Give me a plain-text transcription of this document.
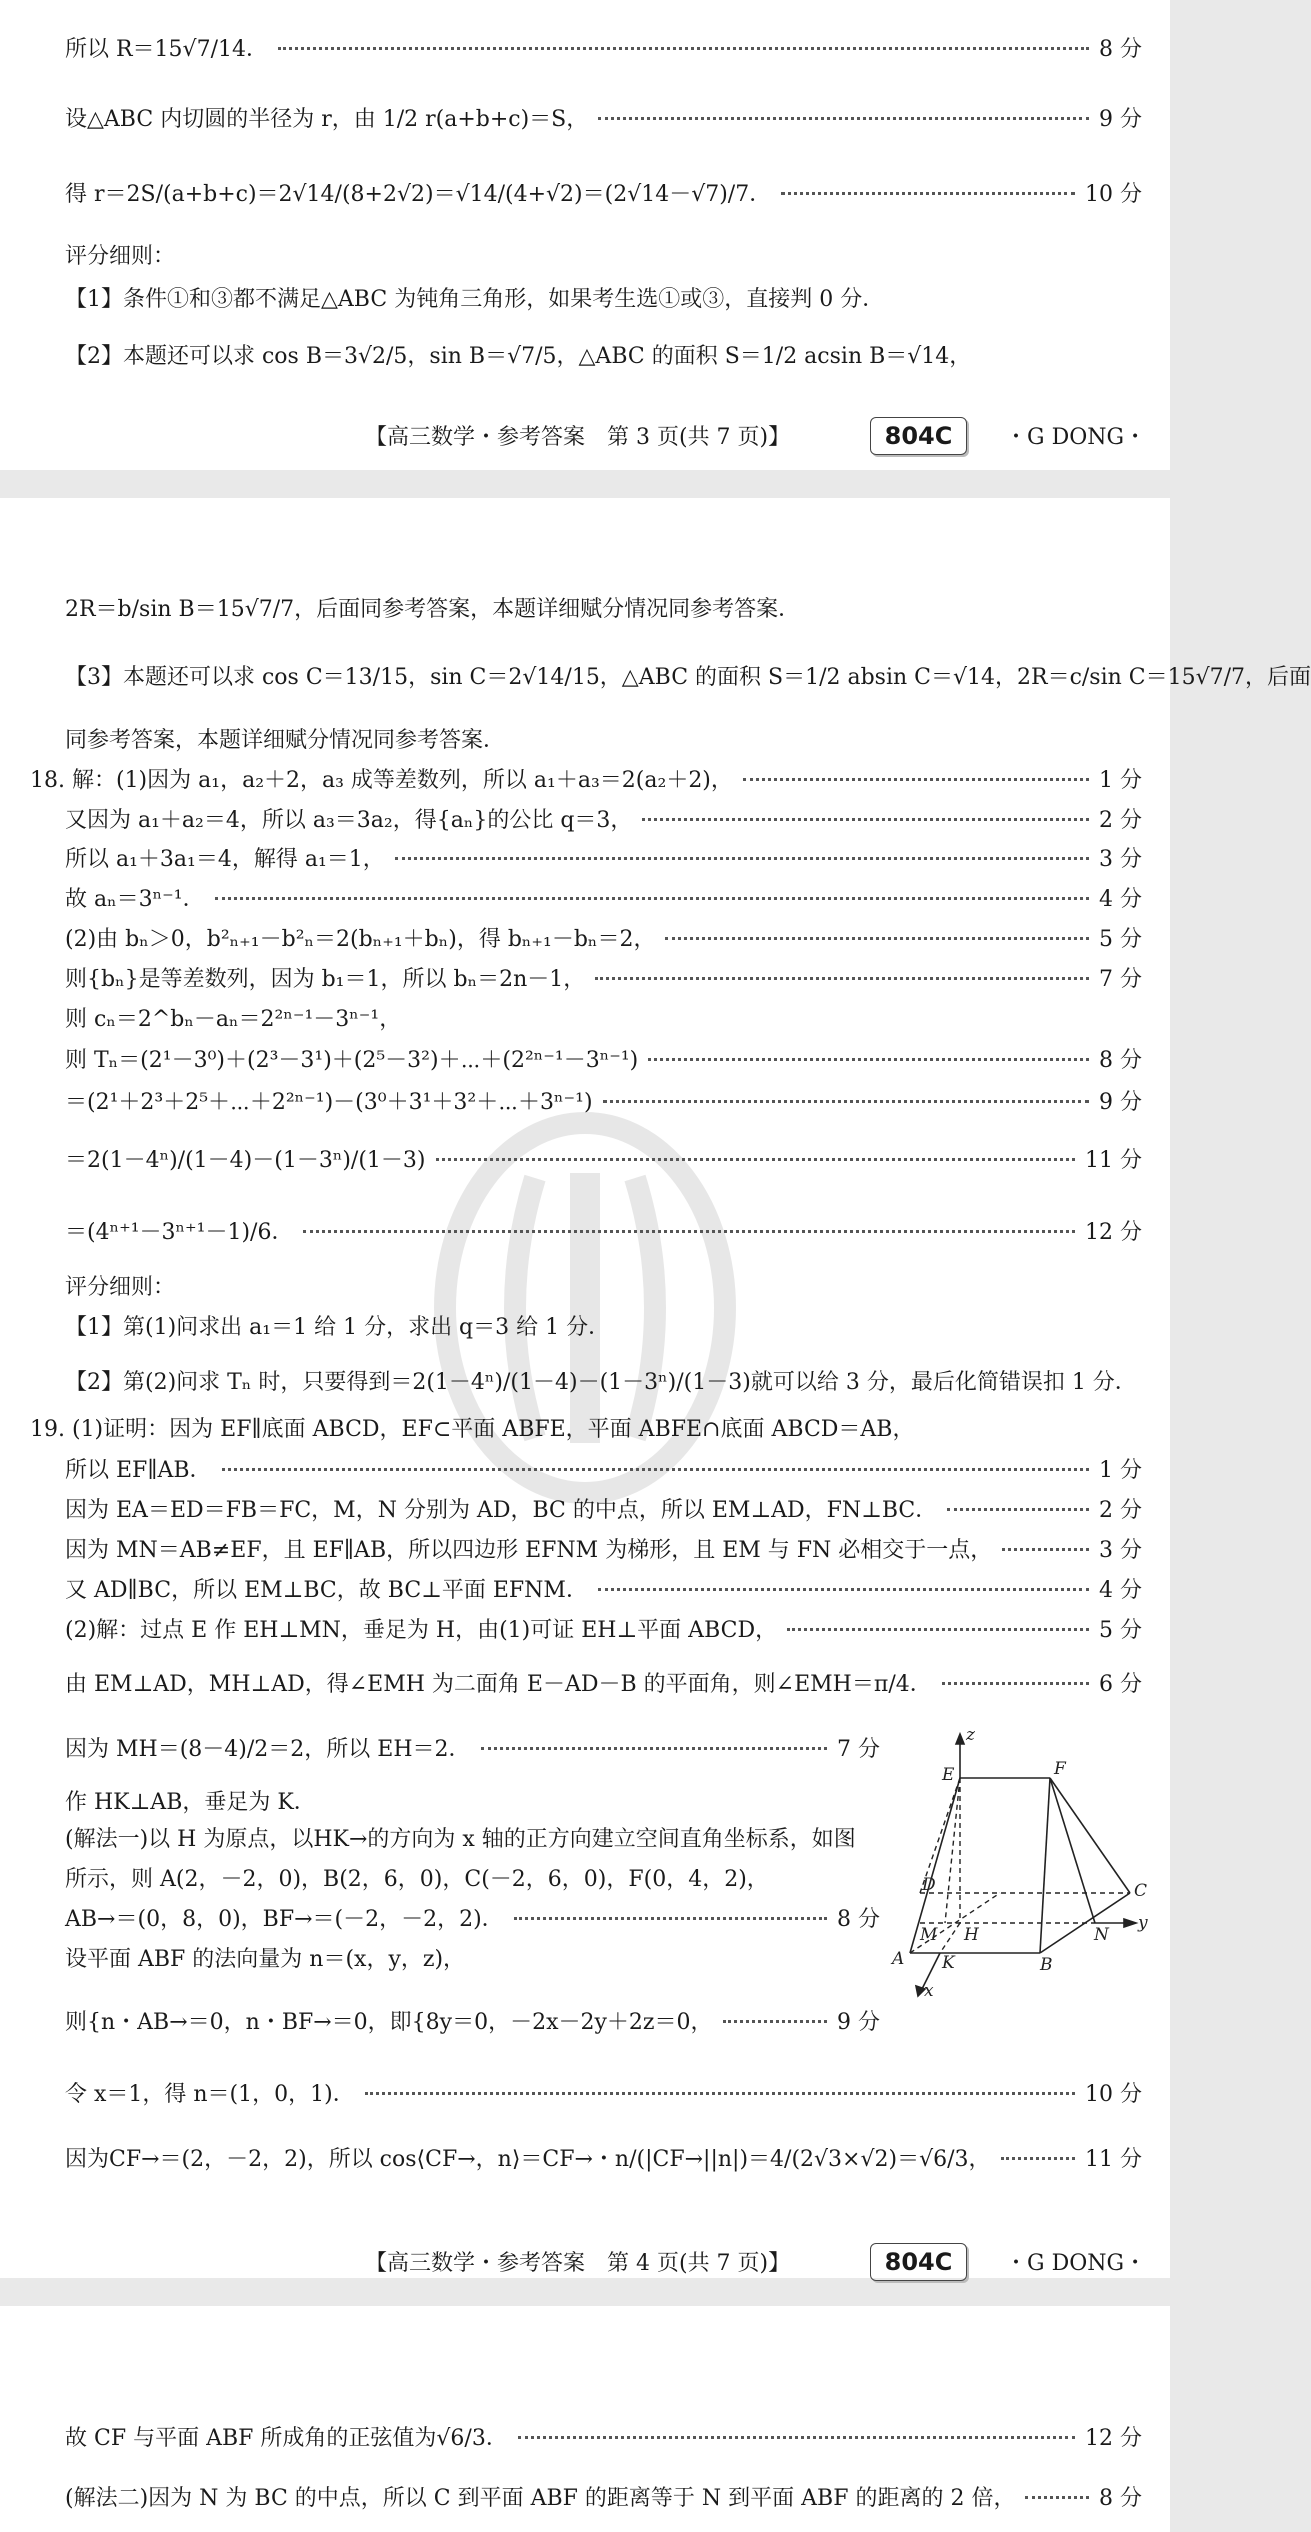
所以 R＝15√7/14．	8 分
设△ABC 内切圆的半径为 r，由 1/2 r(a+b+c)＝S，	9 分
得 r＝2S/(a+b+c)＝2√14/(8+2√2)＝√14/(4+√2)＝(2√14－√7)/7．	10 分
评分细则：
【1】条件①和③都不满足△ABC 为钝角三角形，如果考生选①或③，直接判 0 分．
【2】本题还可以求 cos B＝3√2/5，sin B＝√7/5，△ABC 的面积 S＝1/2 acsin B＝√14，
【高三数学・参考答案　第 3 页(共 7 页)】	804C	・G DONG・
2R＝b/sin B＝15√7/7，后面同参考答案，本题详细赋分情况同参考答案．
【3】本题还可以求 cos C＝13/15，sin C＝2√14/15，△ABC 的面积 S＝1/2 absin C＝√14，2R＝c/sin C＝15√7/7，后面
同参考答案，本题详细赋分情况同参考答案．
18. 解：(1)因为 a₁，a₂＋2，a₃ 成等差数列，所以 a₁＋a₃＝2(a₂＋2)，	1 分
又因为 a₁＋a₂＝4，所以 a₃＝3a₂，得{aₙ}的公比 q＝3，	2 分
所以 a₁＋3a₁＝4，解得 a₁＝1，	3 分
故 aₙ＝3ⁿ⁻¹．	4 分
(2)由 bₙ＞0，b²ₙ₊₁－b²ₙ＝2(bₙ₊₁＋bₙ)，得 bₙ₊₁－bₙ＝2，	5 分
则{bₙ}是等差数列，因为 b₁＝1，所以 bₙ＝2n－1，	7 分
则 cₙ＝2^bₙ－aₙ＝2²ⁿ⁻¹－3ⁿ⁻¹，
则 Tₙ＝(2¹－3⁰)＋(2³－3¹)＋(2⁵－3²)＋⋯＋(2²ⁿ⁻¹－3ⁿ⁻¹)	8 分
＝(2¹＋2³＋2⁵＋⋯＋2²ⁿ⁻¹)－(3⁰＋3¹＋3²＋⋯＋3ⁿ⁻¹)	9 分
＝2(1－4ⁿ)/(1－4)－(1－3ⁿ)/(1－3)	11 分
＝(4ⁿ⁺¹－3ⁿ⁺¹－1)/6．	12 分
评分细则：
【1】第(1)问求出 a₁＝1 给 1 分，求出 q＝3 给 1 分．
【2】第(2)问求 Tₙ 时，只要得到＝2(1－4ⁿ)/(1－4)－(1－3ⁿ)/(1－3)就可以给 3 分，最后化简错误扣 1 分．
19. (1)证明：因为 EF∥底面 ABCD，EF⊂平面 ABFE，平面 ABFE∩底面 ABCD＝AB，
所以 EF∥AB．	1 分
因为 EA＝ED＝FB＝FC，M，N 分别为 AD，BC 的中点，所以 EM⊥AD，FN⊥BC．	2 分
因为 MN＝AB≠EF，且 EF∥AB，所以四边形 EFNM 为梯形，且 EM 与 FN 必相交于一点，	3 分
又 AD∥BC，所以 EM⊥BC，故 BC⊥平面 EFNM．	4 分
(2)解：过点 E 作 EH⊥MN，垂足为 H，由(1)可证 EH⊥平面 ABCD，	5 分
由 EM⊥AD，MH⊥AD，得∠EMH 为二面角 E－AD－B 的平面角，则∠EMH＝π/4．	6 分
因为 MH＝(8－4)/2＝2，所以 EH＝2．	7 分
作 HK⊥AB，垂足为 K．
(解法一)以 H 为原点，以HK→的方向为 x 轴的正方向建立空间直角坐标系，如图
所示，则 A(2，－2，0)，B(2，6，0)，C(－2，6，0)，F(0，4，2)，
AB→＝(0，8，0)，BF→＝(－2，－2，2)．	8 分
设平面 ABF 的法向量为 n＝(x，y，z)，
则{n・AB→＝0，n・BF→＝0，即{8y＝0，－2x－2y＋2z＝0，	9 分
令 x＝1，得 n＝(1，0，1)．	10 分
因为CF→＝(2，－2，2)，所以 cos⟨CF→，n⟩＝CF→・n/(|CF→||n|)＝4/(2√3×√2)＝√6/3，	11 分
z
E	F
D	C
M H	N
y
A K	B
x
【高三数学・参考答案　第 4 页(共 7 页)】	804C	・G DONG・
故 CF 与平面 ABF 所成角的正弦值为√6/3．	12 分
(解法二)因为 N 为 BC 的中点，所以 C 到平面 ABF 的距离等于 N 到平面 ABF 的距离的 2 倍，	8 分
